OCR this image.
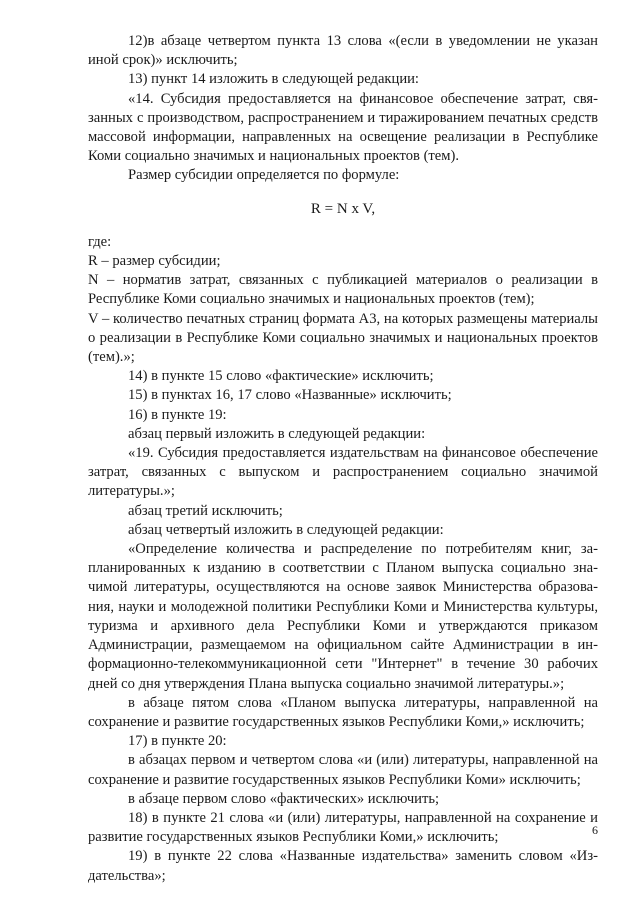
12)в абзаце четвертом пункта 13 слова «(если в уведомлении не указан иной срок)» исключить;

13) пункт 14 изложить в следующей редакции:

«14. Субсидия предоставляется на финансовое обеспечение затрат, связанных с производством, распространением и тиражированием печатных средств массовой информации, направленных на освещение реализации в Республике Коми социально значимых и национальных проектов (тем).

Размер субсидии определяется по формуле:

R = N x V,

где:

R – размер субсидии;

N – норматив затрат, связанных с публикацией материалов о реализации в Республике Коми социально значимых и национальных проектов (тем);

V – количество печатных страниц формата А3, на которых размещены материалы о реализации в Республике Коми социально значимых и национальных проектов (тем).»;

14) в пункте 15 слово «фактические» исключить;

15) в пунктах 16, 17 слово «Названные» исключить;

16) в пункте 19:

абзац первый изложить в следующей редакции:

«19. Субсидия предоставляется издательствам на финансовое обеспечение затрат, связанных с выпуском и распространением социально значимой литературы.»;

абзац третий исключить;

абзац четвертый изложить в следующей редакции:

«Определение количества и распределение по потребителям книг, запланированных к изданию в соответствии с Планом выпуска социально значимой литературы, осуществляются на основе заявок Министерства образования, науки и молодежной политики Республики Коми и Министерства культуры, туризма и архивного дела Республики Коми и утверждаются приказом Администрации, размещаемом на официальном сайте Администрации в информационно-телекоммуникационной сети "Интернет" в течение 30 рабочих дней со дня утверждения Плана выпуска социально значимой литературы.»;

в абзаце пятом слова «Планом выпуска литературы, направленной на сохранение и развитие государственных языков Республики Коми,» исключить;

17) в пункте 20:

в абзацах первом и четвертом слова «и (или) литературы, направленной на сохранение и развитие государственных языков Республики Коми» исключить;

в абзаце первом слово «фактических» исключить;

18) в пункте 21 слова «и (или) литературы, направленной на сохранение и развитие государственных языков Республики Коми,» исключить;

19) в пункте 22 слова «Названные издательства» заменить словом «Издательства»;

6
